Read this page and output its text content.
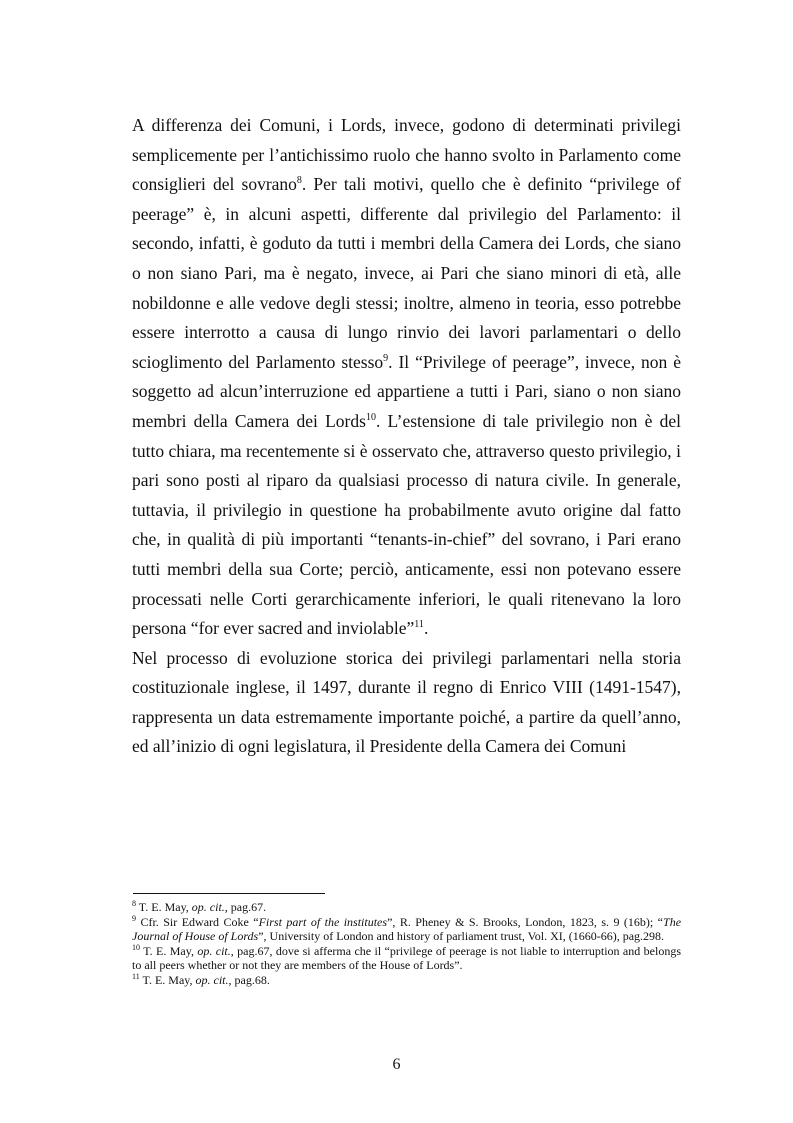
A differenza dei Comuni, i Lords, invece, godono di determinati privilegi semplicemente per l’antichissimo ruolo che hanno svolto in Parlamento come consiglieri del sovrano$^8$. Per tali motivi, quello che è definito “privilege of peerage” è, in alcuni aspetti, differente dal privilegio del Parlamento: il secondo, infatti, è goduto da tutti i membri della Camera dei Lords, che siano o non siano Pari, ma è negato, invece, ai Pari che siano minori di età, alle nobildonne e alle vedove degli stessi; inoltre, almeno in teoria, esso potrebbe essere interrotto a causa di lungo rinvio dei lavori parlamentari o dello scioglimento del Parlamento stesso$^9$. Il “Privilege of peerage”, invece, non è soggetto ad alcun’interruzione ed appartiene a tutti i Pari, siano o non siano membri della Camera dei Lords$^{10}$. L’estensione di tale privilegio non è del tutto chiara, ma recentemente si è osservato che, attraverso questo privilegio, i pari sono posti al riparo da qualsiasi processo di natura civile. In generale, tuttavia, il privilegio in questione ha probabilmente avuto origine dal fatto che, in qualità di più importanti “tenants-in-chief” del sovrano, i Pari erano tutti membri della sua Corte; perciò, anticamente, essi non potevano essere processati nelle Corti gerarchicamente inferiori, le quali ritenevano la loro persona “for ever sacred and inviolable”$^{11}$.

Nel processo di evoluzione storica dei privilegi parlamentari nella storia costituzionale inglese, il 1497, durante il regno di Enrico VIII (1491-1547), rappresenta un data estremamente importante poiché, a partire da quell’anno, ed all’inizio di ogni legislatura, il Presidente della Camera dei Comuni

$^8$ T. E. May, op. cit., pag.67.

$^9$ Cfr. Sir Edward Coke “First part of the institutes”, R. Pheney & S. Brooks, London, 1823, s. 9 (16b); “The Journal of House of Lords”, University of London and history of parliament trust, Vol. XI, (1660-66), pag.298.

$^{10}$ T. E. May, op. cit., pag.67, dove si afferma che il “privilege of peerage is not liable to interruption and belongs to all peers whether or not they are members of the House of Lords”.

$^{11}$ T. E. May, op. cit., pag.68.

6
